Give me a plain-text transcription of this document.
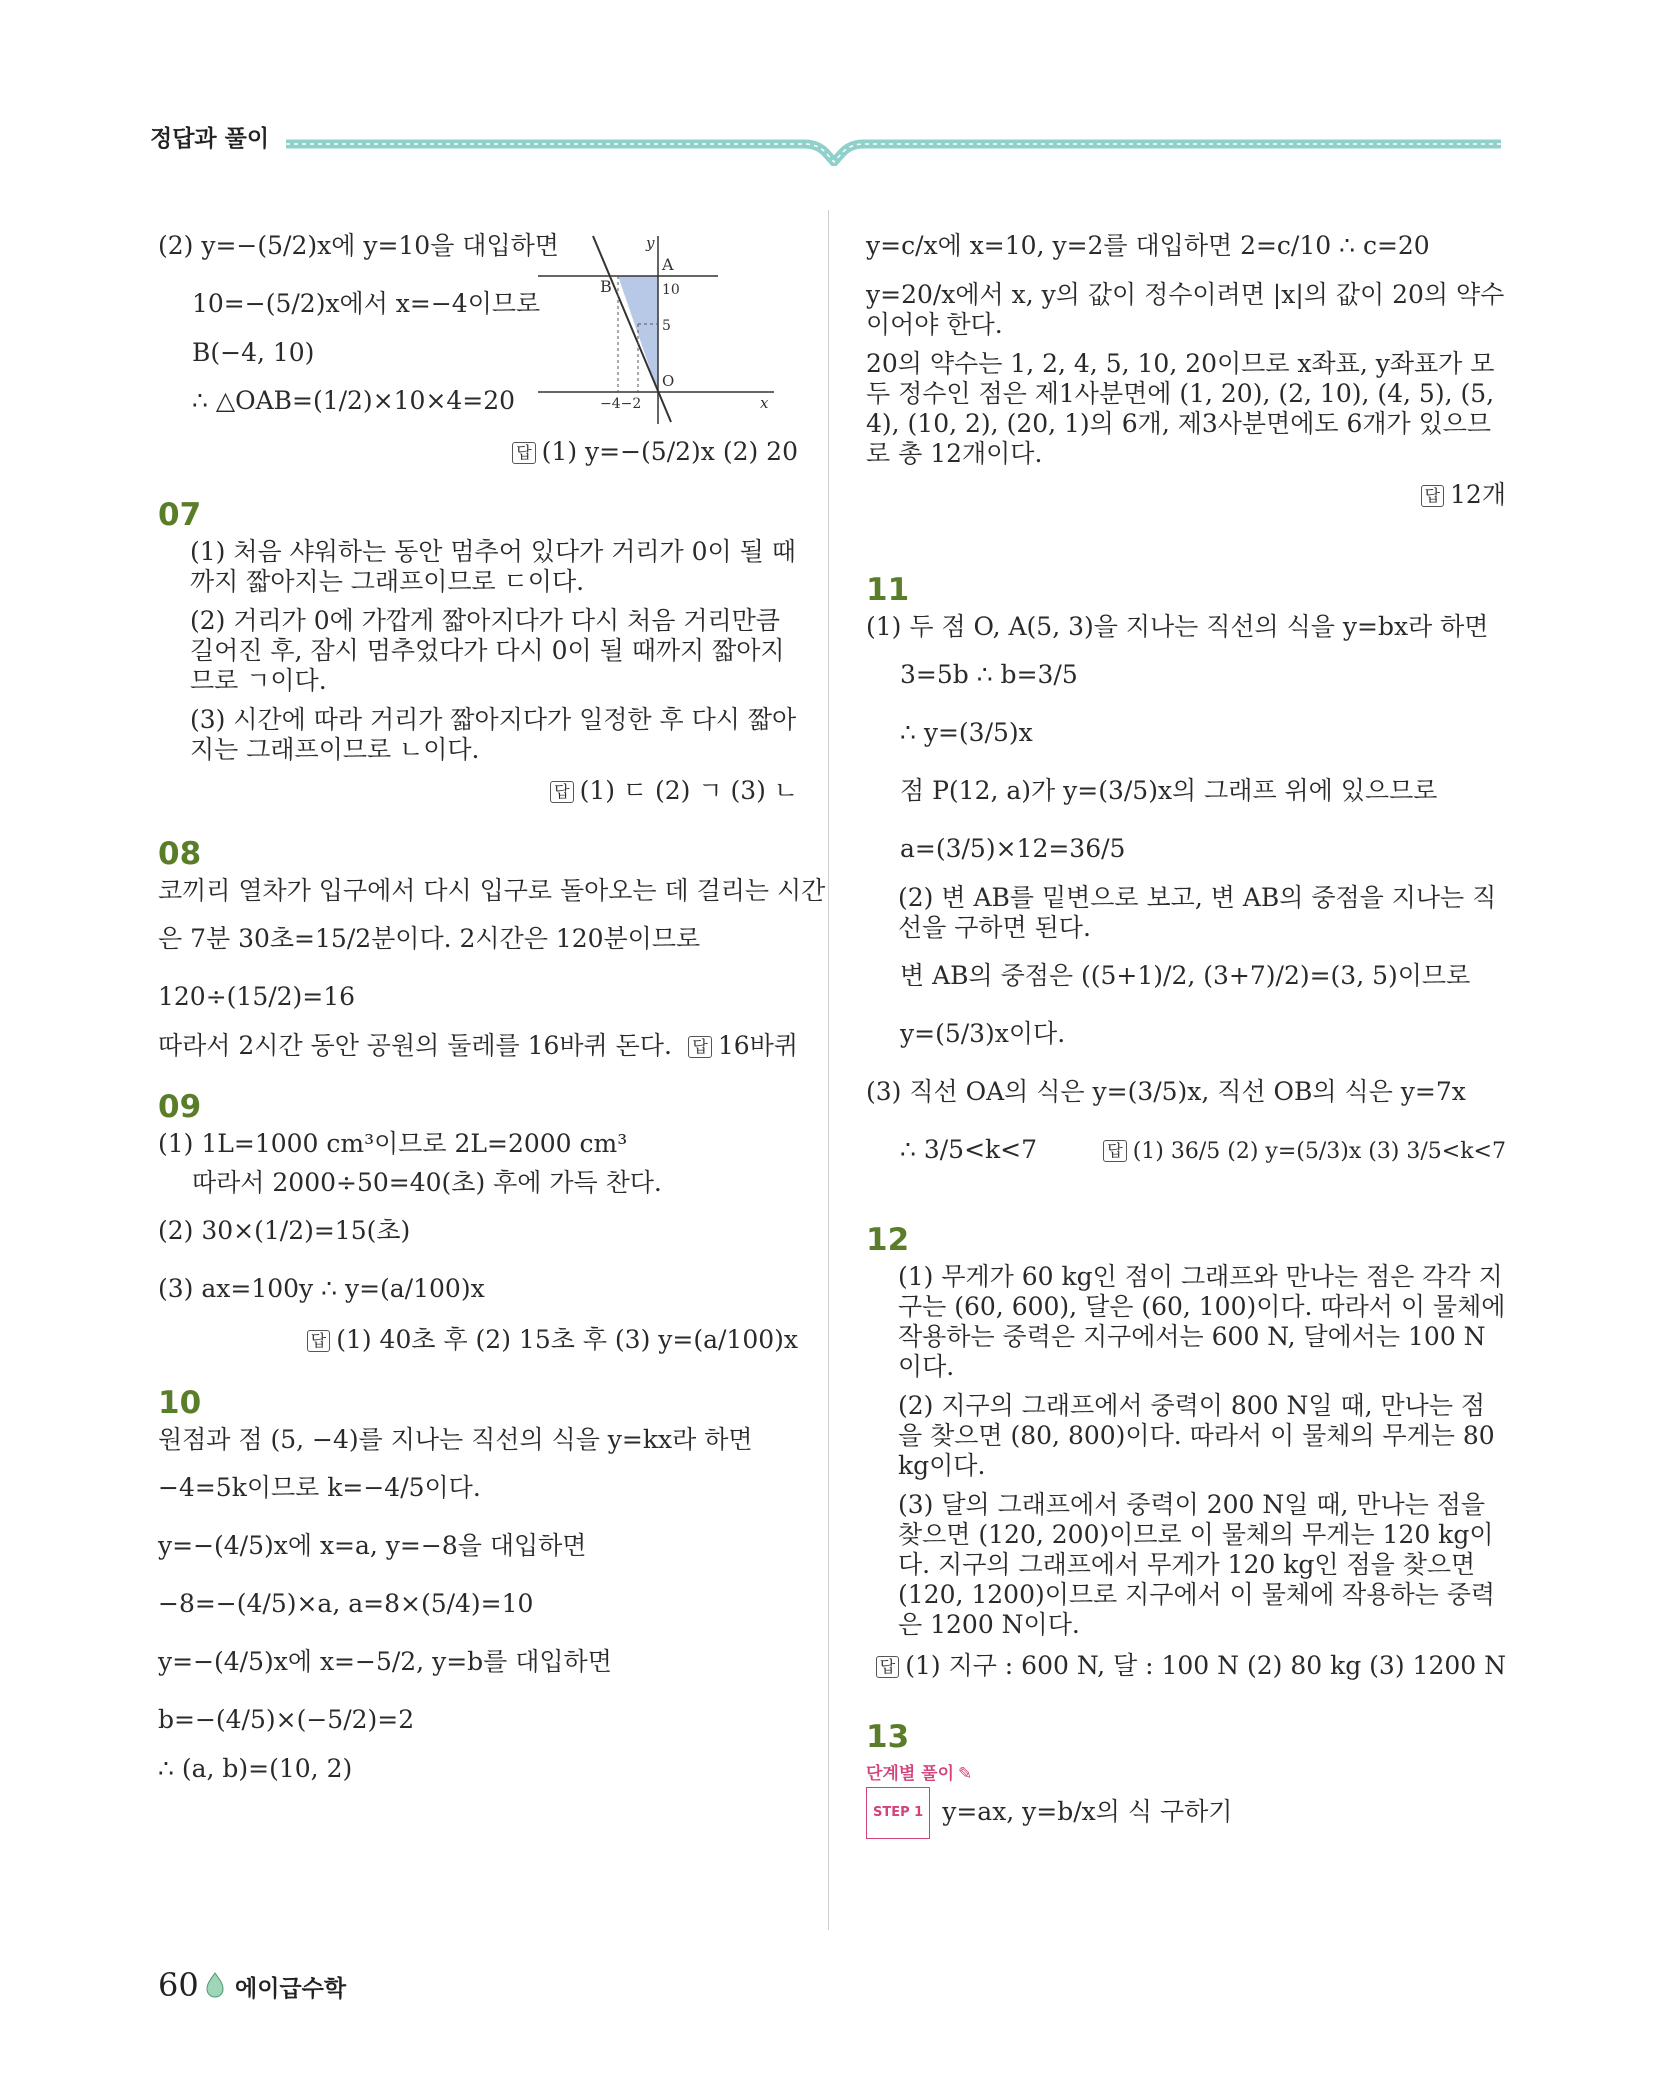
정답과 풀이
(2) y=−(5/2)x에 y=10을 대입하면
10=−(5/2)x에서 x=−4이므로
B(−4, 10)
∴ △OAB=(1/2)×10×4=20
답 (1) y=−(5/2)x (2) 20
y
A
B	10
5
O
x
−4−2
07
(1) 처음 샤워하는 동안 멈추어 있다가 거리가 0이 될 때까지 짧아지는 그래프이므로 ㄷ이다.
(2) 거리가 0에 가깝게 짧아지다가 다시 처음 거리만큼 길어진 후, 잠시 멈추었다가 다시 0이 될 때까지 짧아지므로 ㄱ이다.
(3) 시간에 따라 거리가 짧아지다가 일정한 후 다시 짧아지는 그래프이므로 ㄴ이다.
답 (1) ㄷ (2) ㄱ (3) ㄴ
08
코끼리 열차가 입구에서 다시 입구로 돌아오는 데 걸리는 시간
은 7분 30초=15/2분이다. 2시간은 120분이므로
120÷(15/2)=16
따라서 2시간 동안 공원의 둘레를 16바퀴 돈다. 답 16바퀴
09
(1) 1L=1000 cm³이므로 2L=2000 cm³
따라서 2000÷50=40(초) 후에 가득 찬다.
(2) 30×(1/2)=15(초)
(3) ax=100y ∴ y=(a/100)x
답 (1) 40초 후 (2) 15초 후 (3) y=(a/100)x
10
원점과 점 (5, −4)를 지나는 직선의 식을 y=kx라 하면
−4=5k이므로 k=−4/5이다.
y=−(4/5)x에 x=a, y=−8을 대입하면
−8=−(4/5)×a, a=8×(5/4)=10
y=−(4/5)x에 x=−5/2, y=b를 대입하면
b=−(4/5)×(−5/2)=2
∴ (a, b)=(10, 2)
y=c/x에 x=10, y=2를 대입하면 2=c/10 ∴ c=20
y=20/x에서 x, y의 값이 정수이려면 |x|의 값이 20의 약수이어야 한다.
20의 약수는 1, 2, 4, 5, 10, 20이므로 x좌표, y좌표가 모두 정수인 점은 제1사분면에 (1, 20), (2, 10), (4, 5), (5, 4), (10, 2), (20, 1)의 6개, 제3사분면에도 6개가 있으므로 총 12개이다.
답 12개
11
(1) 두 점 O, A(5, 3)을 지나는 직선의 식을 y=bx라 하면
3=5b ∴ b=3/5
∴ y=(3/5)x
점 P(12, a)가 y=(3/5)x의 그래프 위에 있으므로
a=(3/5)×12=36/5
(2) 변 AB를 밑변으로 보고, 변 AB의 중점을 지나는 직선을 구하면 된다.
변 AB의 중점은 ((5+1)/2, (3+7)/2)=(3, 5)이므로
y=(5/3)x이다.
(3) 직선 OA의 식은 y=(3/5)x, 직선 OB의 식은 y=7x
∴ 3/5<k<7	답 (1) 36/5 (2) y=(5/3)x (3) 3/5<k<7
12
(1) 무게가 60 kg인 점이 그래프와 만나는 점은 각각 지구는 (60, 600), 달은 (60, 100)이다. 따라서 이 물체에 작용하는 중력은 지구에서는 600 N, 달에서는 100 N이다.
(2) 지구의 그래프에서 중력이 800 N일 때, 만나는 점을 찾으면 (80, 800)이다. 따라서 이 물체의 무게는 80 kg이다.
(3) 달의 그래프에서 중력이 200 N일 때, 만나는 점을 찾으면 (120, 200)이므로 이 물체의 무게는 120 kg이다. 지구의 그래프에서 무게가 120 kg인 점을 찾으면 (120, 1200)이므로 지구에서 이 물체에 작용하는 중력은 1200 N이다.
답 (1) 지구 : 600 N, 달 : 100 N (2) 80 kg (3) 1200 N
13
단계별 풀이 ✎
STEP 1 y=ax, y=b/x의 식 구하기
60 에이급수학
